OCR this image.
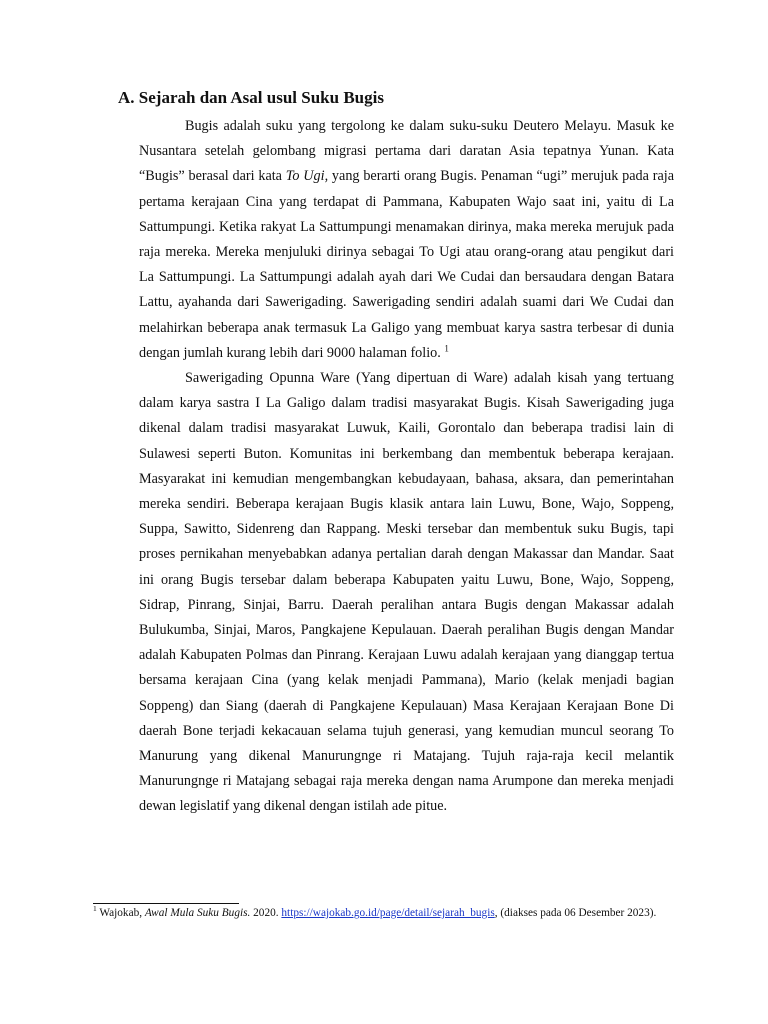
A. Sejarah dan Asal usul Suku Bugis

Bugis adalah suku yang tergolong ke dalam suku-suku Deutero Melayu. Masuk ke Nusantara setelah gelombang migrasi pertama dari daratan Asia tepatnya Yunan. Kata “Bugis” berasal dari kata To Ugi, yang berarti orang Bugis. Penaman “ugi” merujuk pada raja pertama kerajaan Cina yang terdapat di Pammana, Kabupaten Wajo saat ini, yaitu di La Sattumpungi. Ketika rakyat La Sattumpungi menamakan dirinya, maka mereka merujuk pada raja mereka. Mereka menjuluki dirinya sebagai To Ugi atau orang-orang atau pengikut dari La Sattumpungi. La Sattumpungi adalah ayah dari We Cudai dan bersaudara dengan Batara Lattu, ayahanda dari Sawerigading. Sawerigading sendiri adalah suami dari We Cudai dan melahirkan beberapa anak termasuk La Galigo yang membuat karya sastra terbesar di dunia dengan jumlah kurang lebih dari 9000 halaman folio. $^1$

Sawerigading Opunna Ware (Yang dipertuan di Ware) adalah kisah yang tertuang dalam karya sastra I La Galigo dalam tradisi masyarakat Bugis. Kisah Sawerigading juga dikenal dalam tradisi masyarakat Luwuk, Kaili, Gorontalo dan beberapa tradisi lain di Sulawesi seperti Buton. Komunitas ini berkembang dan membentuk beberapa kerajaan. Masyarakat ini kemudian mengembangkan kebudayaan, bahasa, aksara, dan pemerintahan mereka sendiri. Beberapa kerajaan Bugis klasik antara lain Luwu, Bone, Wajo, Soppeng, Suppa, Sawitto, Sidenreng dan Rappang. Meski tersebar dan membentuk suku Bugis, tapi proses pernikahan menyebabkan adanya pertalian darah dengan Makassar dan Mandar. Saat ini orang Bugis tersebar dalam beberapa Kabupaten yaitu Luwu, Bone, Wajo, Soppeng, Sidrap, Pinrang, Sinjai, Barru. Daerah peralihan antara Bugis dengan Makassar adalah Bulukumba, Sinjai, Maros, Pangkajene Kepulauan. Daerah peralihan Bugis dengan Mandar adalah Kabupaten Polmas dan Pinrang. Kerajaan Luwu adalah kerajaan yang dianggap tertua bersama kerajaan Cina (yang kelak menjadi Pammana), Mario (kelak menjadi bagian Soppeng) dan Siang (daerah di Pangkajene Kepulauan) Masa Kerajaan Kerajaan Bone Di daerah Bone terjadi kekacauan selama tujuh generasi, yang kemudian muncul seorang To Manurung yang dikenal Manurungnge ri Matajang. Tujuh raja-raja kecil melantik Manurungnge ri Matajang sebagai raja mereka dengan nama Arumpone dan mereka menjadi dewan legislatif yang dikenal dengan istilah ade pitue.

$^1$ Wajokab, Awal Mula Suku Bugis. 2020. https://wajokab.go.id/page/detail/sejarah_bugis, (diakses pada 06 Desember 2023).
